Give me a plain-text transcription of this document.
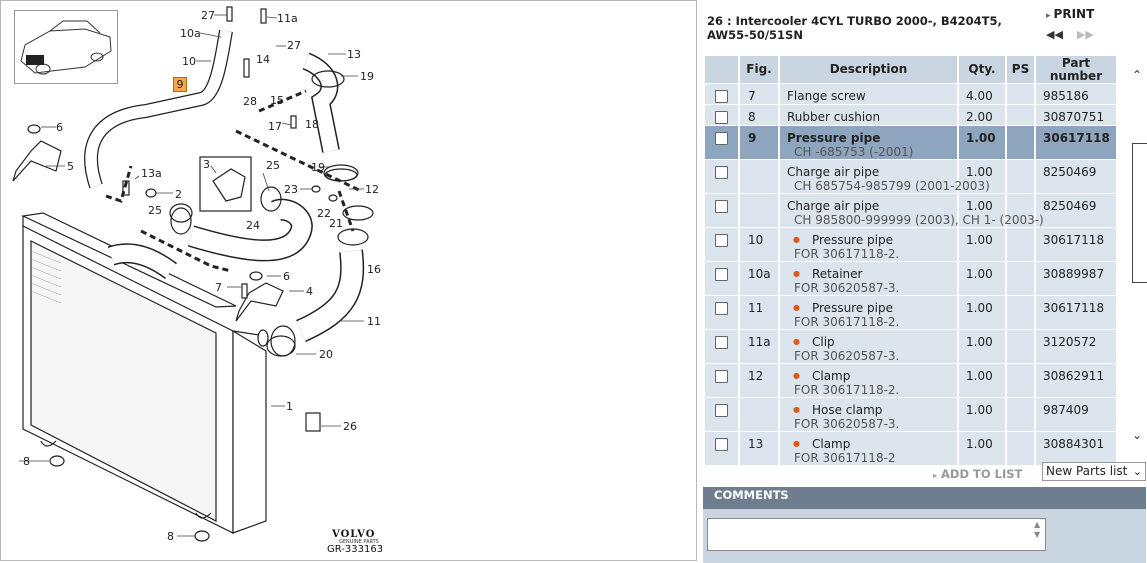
27	11a
10a
27
13
10	14
19
28 15
17 18
6
5	3	25	19
13a
2	23	12
25	22
21
24
16
6
7	4
11
20
1
26
8
8
9
VOLVO
GENUINE PARTS
GR-333163
26 : Intercooler 4CYL TURBO 2000-, B4204T5, AW55-50/51SN
▸ PRINT
◀◀ ▶▶
Fig.	Description	Qty.	PS	Part number
7	Flange screw	4.00	985186
8	Rubber cushion	2.00	30870751
9	Pressure pipe	1.00	30617118
CH -685753 (-2001)
Charge air pipe	1.00	8250469
CH 685754-985799 (2001-2003)
Charge air pipe	1.00	8250469
CH 985800-999999 (2003), CH 1- (2003-)
10	● Pressure pipe	1.00	30617118
FOR 30617118-2.
10a	● Retainer	1.00	30889987
FOR 30620587-3.
11	● Pressure pipe	1.00	30617118
FOR 30617118-2.
11a	● Clip	1.00	3120572
FOR 30620587-3.
12	● Clamp	1.00	30862911
FOR 30617118-2.
● Hose clamp	1.00	987409
FOR 30620587-3.
13	● Clamp	1.00	30884301
FOR 30617118-2
⌃
⌄
▸ ADD TO LIST	New Parts list ⌄
COMMENTS
▲
▼
